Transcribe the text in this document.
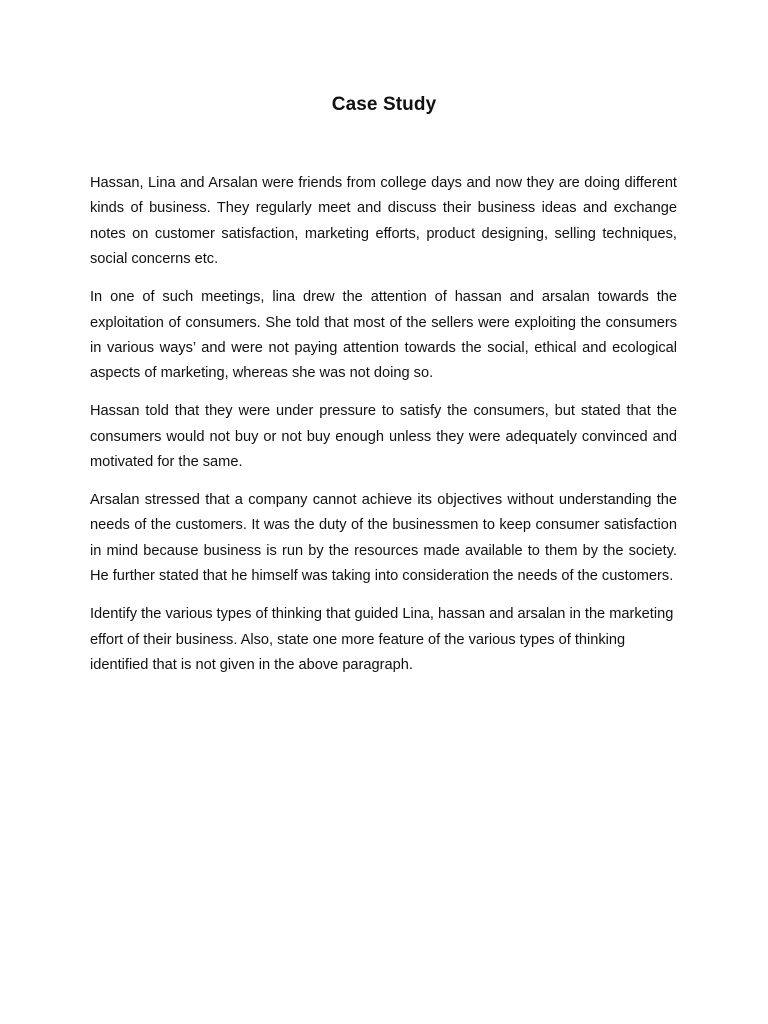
Case Study

Hassan, Lina and Arsalan were friends from college days and now they are doing different kinds of business. They regularly meet and discuss their business ideas and exchange notes on customer satisfaction, marketing efforts, product designing, selling techniques, social concerns etc.

In one of such meetings, lina drew the attention of hassan and arsalan towards the exploitation of consumers. She told that most of the sellers were exploiting the consumers in various ways’ and were not paying attention towards the social, ethical and ecological aspects of marketing, whereas she was not doing so.

Hassan told that they were under pressure to satisfy the consumers, but stated that the consumers would not buy or not buy enough unless they were adequately convinced and motivated for the same.

Arsalan stressed that a company cannot achieve its objectives without understanding the needs of the customers. It was the duty of the businessmen to keep consumer satisfaction in mind because business is run by the resources made available to them by the society. He further stated that he himself was taking into consideration the needs of the customers.

Identify the various types of thinking that guided Lina, hassan and arsalan in the marketing effort of their business. Also, state one more feature of the various types of thinking identified that is not given in the above paragraph.
